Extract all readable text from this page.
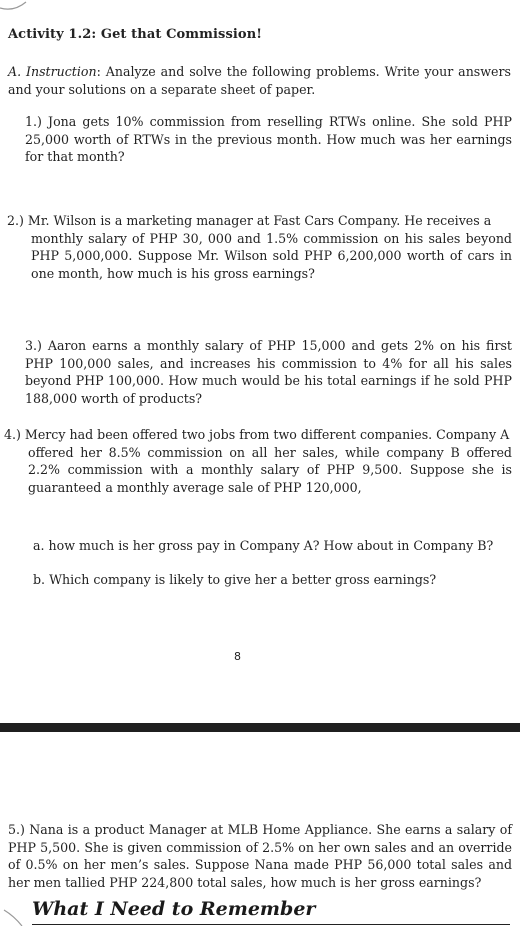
Activity 1.2: Get that Commission!
A. Instruction: Analyze and solve the following problems. Write your answers and your solutions on a separate sheet of paper.
1.) Jona gets 10% commission from reselling RTWs online. She sold PHP 25,000 worth of RTWs in the previous month. How much was her earnings for that month?
2.) Mr. Wilson is a marketing manager at Fast Cars Company. He receives a
monthly salary of PHP 30, 000 and 1.5% commission on his sales beyond PHP 5,000,000. Suppose Mr. Wilson sold PHP 6,200,000 worth of cars in one month, how much is his gross earnings?
3.) Aaron earns a monthly salary of PHP 15,000 and gets 2% on his first PHP 100,000 sales, and increases his commission to 4% for all his sales beyond PHP 100,000. How much would be his total earnings if he sold PHP 188,000 worth of products?
4.) Mercy had been offered two jobs from two different companies. Company A
offered her 8.5% commission on all her sales, while company B offered 2.2% commission with a monthly salary of PHP 9,500. Suppose she is guaranteed a monthly average sale of PHP 120,000,
a. how much is her gross pay in Company A? How about in Company B?
b. Which company is likely to give her a better gross earnings?
8
5.) Nana is a product Manager at MLB Home Appliance. She earns a salary of PHP 5,500. She is given commission of 2.5% on her own sales and an override of 0.5% on her men’s sales. Suppose Nana made PHP 56,000 total sales and her men tallied PHP 224,800 total sales, how much is her gross earnings?
What I Need to Remember
